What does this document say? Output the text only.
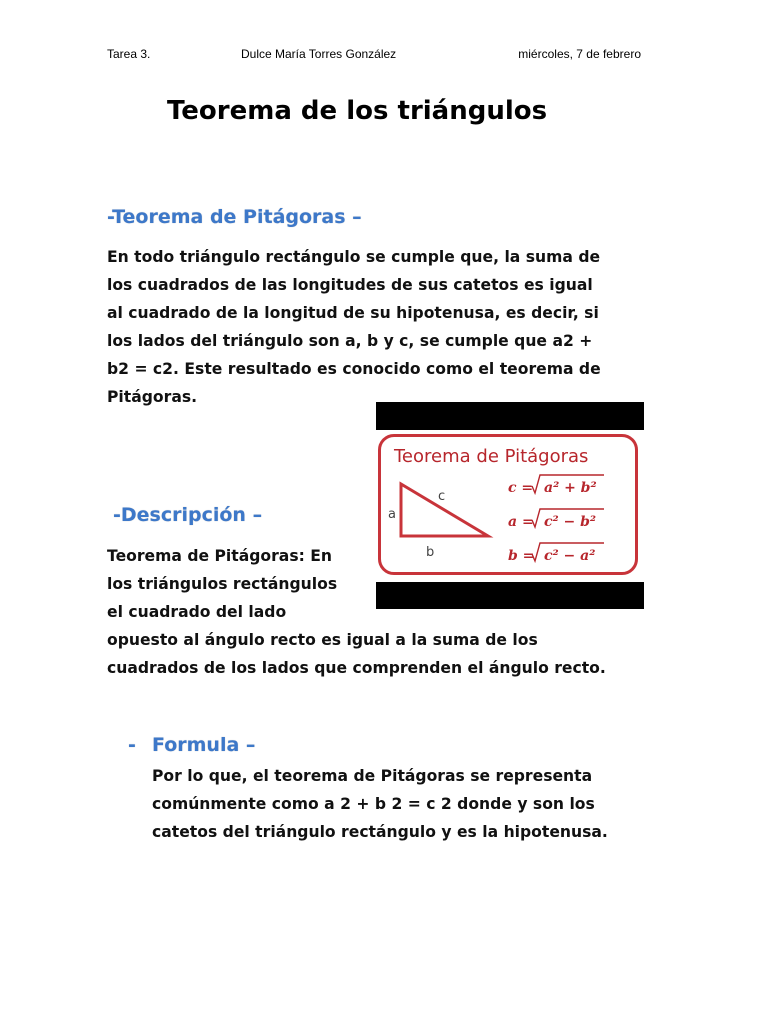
Tarea 3.	Dulce María Torres González	miércoles, 7 de febrero
Teorema de los triángulos
-Teorema de Pitágoras –
En todo triángulo rectángulo se cumple que, la suma de
los cuadrados de las longitudes de sus catetos es igual
al cuadrado de la longitud de su hipotenusa, es decir, si
los lados del triángulo son a, b y c, se cumple que a2 +
b2 = c2. Este resultado es conocido como el teorema de
Pitágoras.
Teorema de Pitágoras
a
b
c
c = a² + b²
a = c² − b²
b = c² − a²
-Descripción –
Teorema de Pitágoras: En
los triángulos rectángulos
el cuadrado del lado
opuesto al ángulo recto es igual a la suma de los
cuadrados de los lados que comprenden el ángulo recto.
- Formula –
Por lo que, el teorema de Pitágoras se representa
comúnmente como a 2 + b 2 = c 2 donde y son los
catetos del triángulo rectángulo y es la hipotenusa.
